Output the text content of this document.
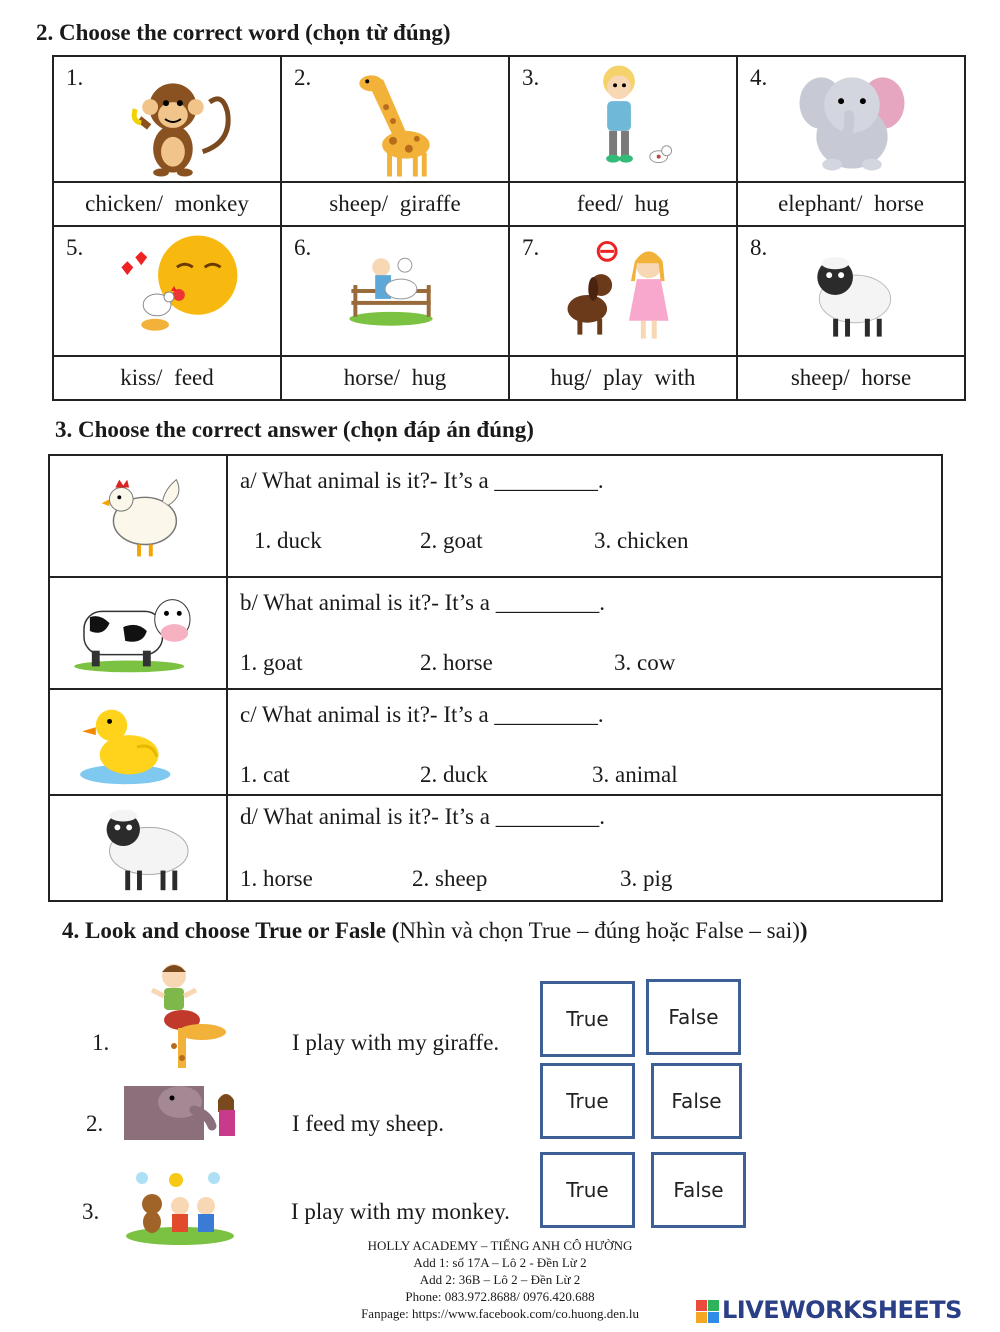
2. Choose the correct word (chọn từ đúng)
1.	2.	3.	4.

chicken/ monkey	sheep/ giraffe	feed/ hug	elephant/ horse

5.	6.	7.	8.

kiss/ feed	horse/ hug	hug/ play with	sheep/ horse
3. Choose the correct answer (chọn đáp án đúng)

a/ What animal is it?- It’s a _________.
1. duck 2. goat 3. chicken

b/ What animal is it?- It’s a _________.
1. goat 2. horse 3. cow

c/ What animal is it?- It’s a _________.
1. cat 2. duck 3. animal

d/ What animal is it?- It’s a _________.
1. horse 2. sheep 3. pig
4. Look and choose True or Fasle (Nhìn và chọn True – đúng hoặc False – sai))
1.	I play with my giraffe.
True	False
2.	I feed my sheep.
True	False
3.	I play with my monkey.
True	False
HOLLY ACADEMY – TIẾNG ANH CÔ HƯỜNG
Add 1: số 17A – Lô 2 - Đền Lừ 2
Add 2: 36B – Lô 2 – Đền Lừ 2
Phone: 083.972.8688/ 0976.420.688
Fanpage: https://www.facebook.com/co.huong.den.lu	LIVEWORKSHEETS
